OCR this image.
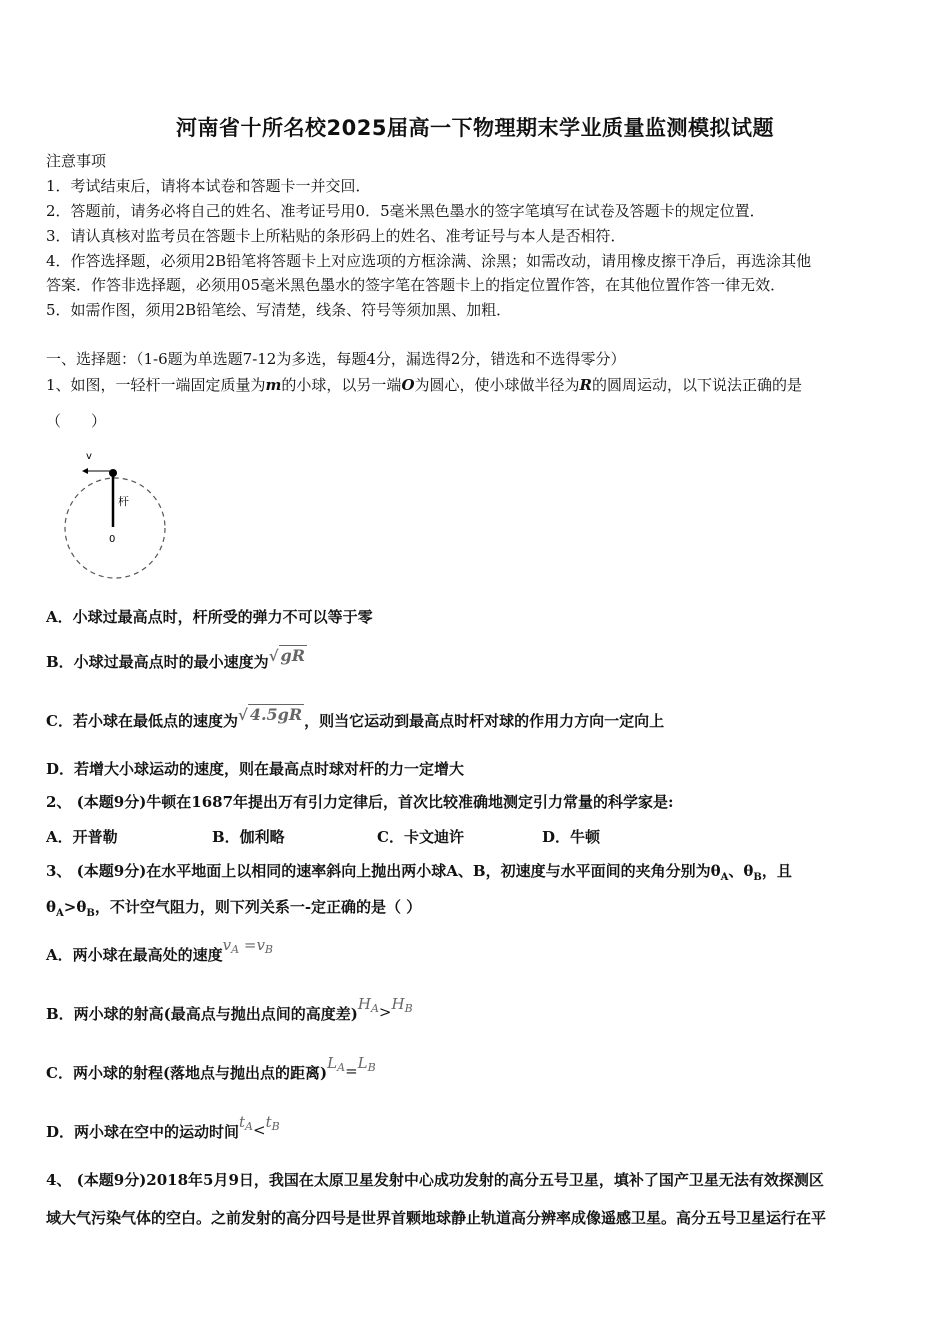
河南省十所名校2025届高一下物理期末学业质量监测模拟试题
注意事项
1．考试结束后，请将本试卷和答题卡一并交回．
2．答题前，请务必将自己的姓名、准考证号用0．5毫米黑色墨水的签字笔填写在试卷及答题卡的规定位置．
3．请认真核对监考员在答题卡上所粘贴的条形码上的姓名、准考证号与本人是否相符．
4．作答选择题，必须用2B铅笔将答题卡上对应选项的方框涂满、涂黑；如需改动，请用橡皮擦干净后，再选涂其他
答案．作答非选择题，必须用05毫米黑色墨水的签字笔在答题卡上的指定位置作答，在其他位置作答一律无效．
5．如需作图，须用2B铅笔绘、写清楚，线条、符号等须加黑、加粗．
一、选择题：（1-6题为单选题7-12为多选，每题4分，漏选得2分，错选和不选得零分）
1、如图，一轻杆一端固定质量为m的小球，以另一端O为圆心，使小球做半径为R的圆周运动，以下说法正确的是
（　　）
v
杆
0
A．小球过最高点时，杆所受的弹力不可以等于零
B．小球过最高点时的最小速度为√ gR
C．若小球在最低点的速度为√ 4.5gR ，则当它运动到最高点时杆对球的作用力方向一定向上
D．若增大小球运动的速度，则在最高点时球对杆的力一定增大
2、 (本题9分)牛顿在1687年提出万有引力定律后，首次比较准确地测定引力常量的科学家是:
A．开普勒	B．伽利略	C．卡文迪许	D．牛顿
3、 (本题9分)在水平地面上以相同的速率斜向上抛出两小球A、B，初速度与水平面间的夹角分别为$\theta_A$、$\theta_B$，且
$\theta_A>\theta_B$，不计空气阻力，则下列关系一-定正确的是（ ）
A．两小球在最高处的速度$v_A =v_B$
B．两小球的射高(最高点与抛出点间的高度差)$H_A>H_B$
C．两小球的射程(落地点与抛出点的距离)$L_A=L_B$
D．两小球在空中的运动时间$t_A<t_B$
4、 (本题9分)2018年5月9日，我国在太原卫星发射中心成功发射的高分五号卫星，填补了国产卫星无法有效探测区
域大气污染气体的空白。之前发射的高分四号是世界首颗地球静止轨道高分辨率成像遥感卫星。高分五号卫星运行在平
